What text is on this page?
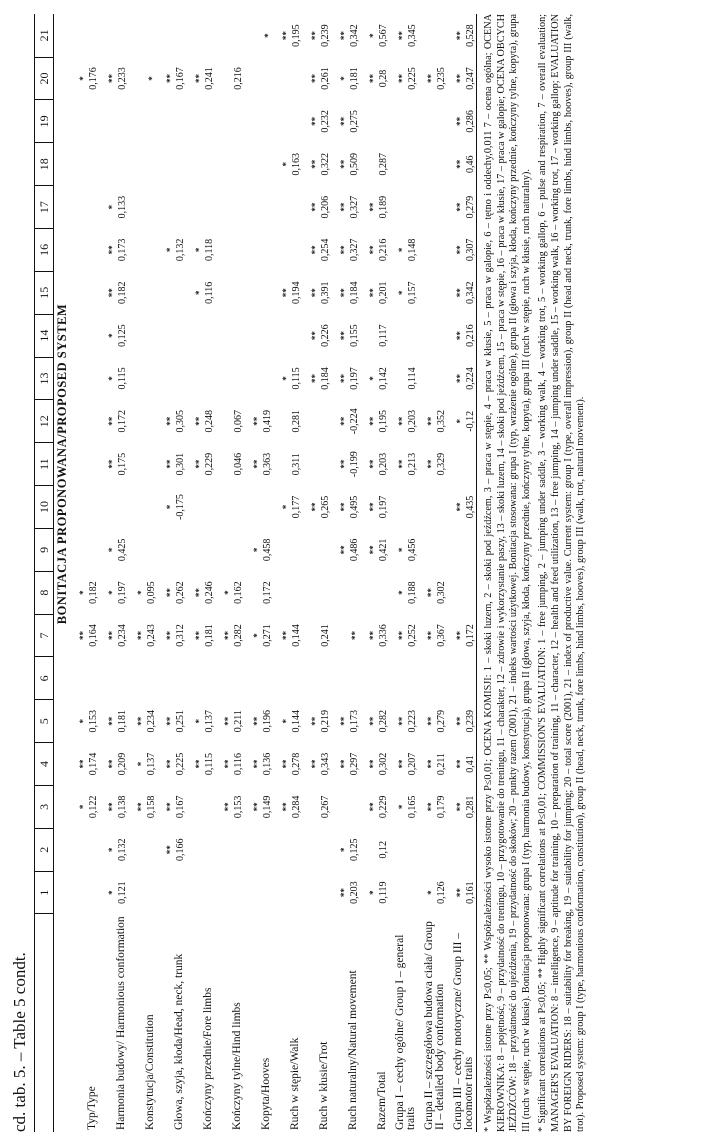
cd. tab. 5. – Table 5 condt.
	1	2	3	4	5	6	7	8	9	10	11	12	13	14	15	16	17	18	19	20	21
	BONITACJA PROPONOWANA/PROPOSED SYSTEM																				
Typ/Type			* 0,122	** 0,174	* 0,153		** 0,164	* 0,182												* 0,176	

Harmonia budowy/ Harmonious conformation	* 0,121	* 0,132	** 0,138	** 0,209	** 0,181		** 0,234	* 0,197	* 0,425		** 0,175	** 0,172	* 0,115	* 0,125	** 0,182	** 0,173	* 0,133			** 0,233	

Konstytucja/Constitution			** 0,158	* 0,137	** 0,234		** 0,243	* 0,095												*	

Głowa, szyja, kłoda/Head, neck, trunk		** 0,166	** 0,167	** 0,225	** 0,251		** 0,312	** 0,262		* -0,175	** 0,301	** 0,305				* 0,132				** 0,167	

Kończyny przednie/Fore limbs				** 0,115	* 0,137		** 0,181	** 0,246			** 0,229	** 0,248			* 0,116	* 0,118				** 0,241	

Kończyny tylne/Hind limbs			** 0,153	** 0,116	** 0,211		** 0,282	* 0,162			0,046	0,067								0,216	

Kopyta/Hooves			** 0,149	** 0,136	** 0,196		* 0,271	0,172	* 0,458		** 0,363	** 0,419									*

Ruch w stępie/Walk			** 0,284	** 0,278	* 0,144		** 0,144			* 0,177	0,311	0,281	* 0,115		** 0,194			* 0,163			** 0,195

Ruch w kłusie/Trot			0,267	** 0,343	** 0,219		0,241			** 0,265			** 0,184	** 0,226	** 0,391	** 0,254	** 0,206	** 0,322	** 0,232	** 0,261	** 0,239

Ruch naturalny/Natural movement	** 0,203	* 0,125		** 0,297	** 0,173		**		** 0,486	** 0,495	** -0,199	** -0,224	** 0,197	** 0,155	** 0,184	** 0,327	** 0,327	** 0,509	** 0,275	* 0,181	** 0,342

Razem/Total	* 0,119	0,12	** 0,229	** 0,302	** 0,282		** 0,336		** 0,421	** 0,197	** 0,203	** 0,195	* 0,142	0,117	** 0,201	** 0,216	** 0,189	0,287		** 0,28	* 0,567

Grupa I – cechy ogólne/ Group I – general traits			* 0,165	** 0,207	** 0,223		** 0,252	* 0,188	* 0,456		** 0,213	** 0,203	0,114		* 0,157	* 0,148				** 0,225	** 0,345

Grupa II – szczegółowa budowa ciała/ Group II – detailed body conformation	* 0,126		** 0,179	** 0,211	** 0,279		** 0,367	** 0,302			** 0,329	** 0,352								** 0,235	

Grupa III – cechy motoryczne/ Group III – locomotor traits	** 0,161		** 0,281	** 0,41	** 0,239		** 0,172			** 0,435		* -0,12	** 0,224	** 0,216	** 0,342	** 0,307	** 0,279	** 0,46	** 0,286	** 0,247	** 0,528 * Współzależności istotne przy P≤0,05; ** Współzależności wysoko istotne przy P≤0,01; OCENA KOMISJI: 1 – skoki luzem, 2 – skoki pod jeźdźcem, 3 – praca w stępie, 4 – praca w kłusie, 5 – praca w galopie, 6 – tętno i oddechy,0,011 7 – ocena ogólna; OCENA KIEROWNIKA: 8 – pojętność, 9 – przydatność do treningu, 10 – przygotowanie do treningu, 11 – charakter, 12 – zdrowie i wykorzystanie paszy, 13 – skoki luzem, 14 – skoki pod jeźdźcem, 15 – praca w stępie, 16 – praca w kłusie, 17 – praca w galopie; OCENA OBCYCH JEŹDŹCÓW: 18 – przydatność do ujeżdżenia, 19 – przydatność do skoków; 20 – punkty razem (2001), 21 – indeks wartości użytkowej. Bonitacja stosowana: grupa I (typ, wrażenie ogólne), grupa II (głowa i szyja, kłoda, kończyny przednie, kończyny tylne, kopyta), grupa III (ruch w stępie, ruch w kłusie). Bonitacja proponowana: grupa I (typ, harmonia budowy, konstytucja), grupa II (głowa, szyja, kłoda, kończyny przednie, kończyny tylne, kopyta), grupa III (ruch w stępie, ruch w kłusie, ruch naturalny). * Significant correlations at P≤0,05; ** Highly significant correlations at P≤0,01; COMMISSION'S EVALUATION: 1 – free jumping, 2 – jumping under saddle, 3 – working walk, 4 – working trot, 5 – working gallop, 6 – pulse and respiration, 7 – overall evaluation; MANAGER'S EVALUATION: 8 – intelligence, 9 – aptitude for training, 10 – preparation of training, 11 – character, 12 – health and feed utilization, 13 – free jumping, 14 – jumping under saddle, 15 – working walk, 16 – working trot, 17 – working gallop; EVALUATION BY FOREIGN RIDERS: 18 – suitability for breaking, 19 – suitability for jumping; 20 – total score (2001), 21 – index of productive value. Current system: group I (type, overall impression), group II (head and neck, trunk, fore limbs, hind limbs, hooves), group III (walk, trot). Proposed system: group I (type, harmonious conformation, constitution), group II (head, neck, trunk, fore limbs, hind limbs, hooves), group III (walk, trot, natural movement).
